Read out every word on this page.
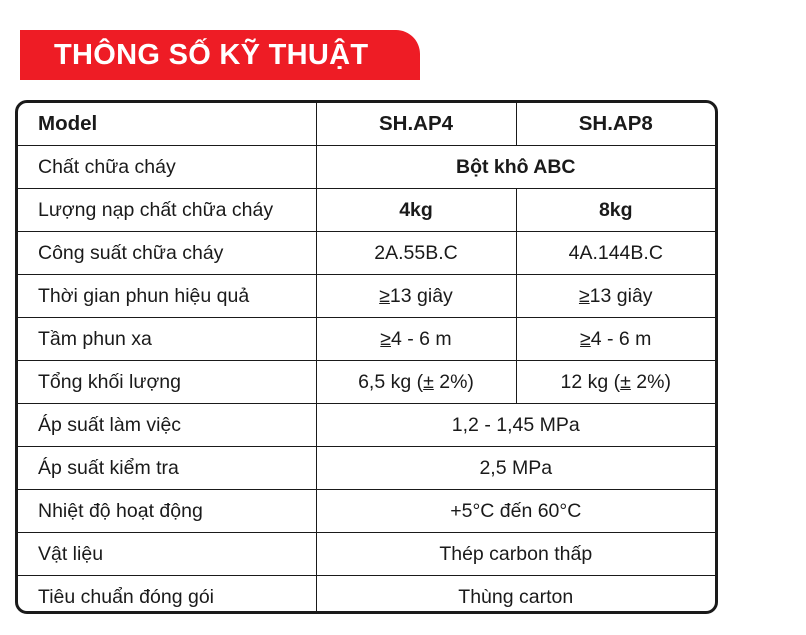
THÔNG SỐ KỸ THUẬT
Model	SH.AP4	SH.AP8
Chất chữa cháy	Bột khô ABC	
Lượng nạp chất chữa cháy	4kg	8kg
Công suất chữa cháy	2A.55B.C	4A.144B.C
Thời gian phun hiệu quả	≥13 giây	≥13 giây
Tầm phun xa	≥4 - 6 m	≥4 - 6 m
Tổng khối lượng	6,5 kg (± 2%)	12 kg (± 2%)
Áp suất làm việc	1,2 - 1,45 MPa	
Áp suất kiểm tra	2,5 MPa	
Nhiệt độ hoạt động	+5°C đến 60°C	
Vật liệu	Thép carbon thấp	
Tiêu chuẩn đóng gói	Thùng carton	
